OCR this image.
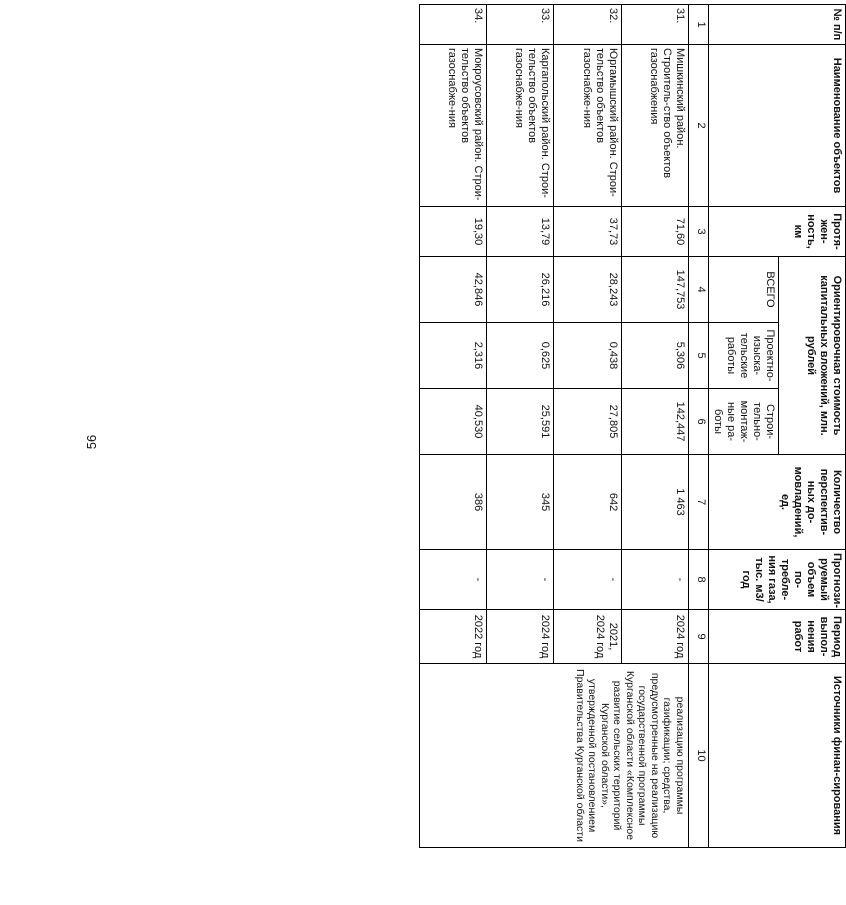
56
№ п/п	Наименование объектов	Протя-жен-ность, км	Ориентировочная стоимость капитальных вложений, млн. рублей			Количество перспектив-ных до-мовладений, ед.	Прогнози-руемый объем по-требле-ния газа, тыс. м3/год	Период выпол-нения работ	Источники финан-сирования
			ВСЕГО	Проектно-изыска-тельские работы	Строи-тельно-монтаж-ные ра-боты				
1	2	3	4	5	6	7	8	9	10
31.	Мишкинский район. Строитель-ство объектов газоснабжения	71,60	147,753	5,306	142,447	1 463	-	2024 год	реализацию программы газификации; средства, предусмотренные на реализацию государственной программы Курганской области «Комплексное развитие сельских территорий Курганской области», утвержденной постановлением Правительства Курганской области
32.	Юргамышский район. Строи-тельство объектов газоснабже-ния	37,73	28,243	0,438	27,805	642	-	2021, 2024 год	
33.	Каргапольский район. Строи-тельство объектов газоснабже-ния	13,79	26,216	0,625	25,591	345	-	2024 год	
34.	Мокроусовский район. Строи-тельство объектов газоснабже-ния	19,30	42,846	2,316	40,530	386	-	2022 год	
